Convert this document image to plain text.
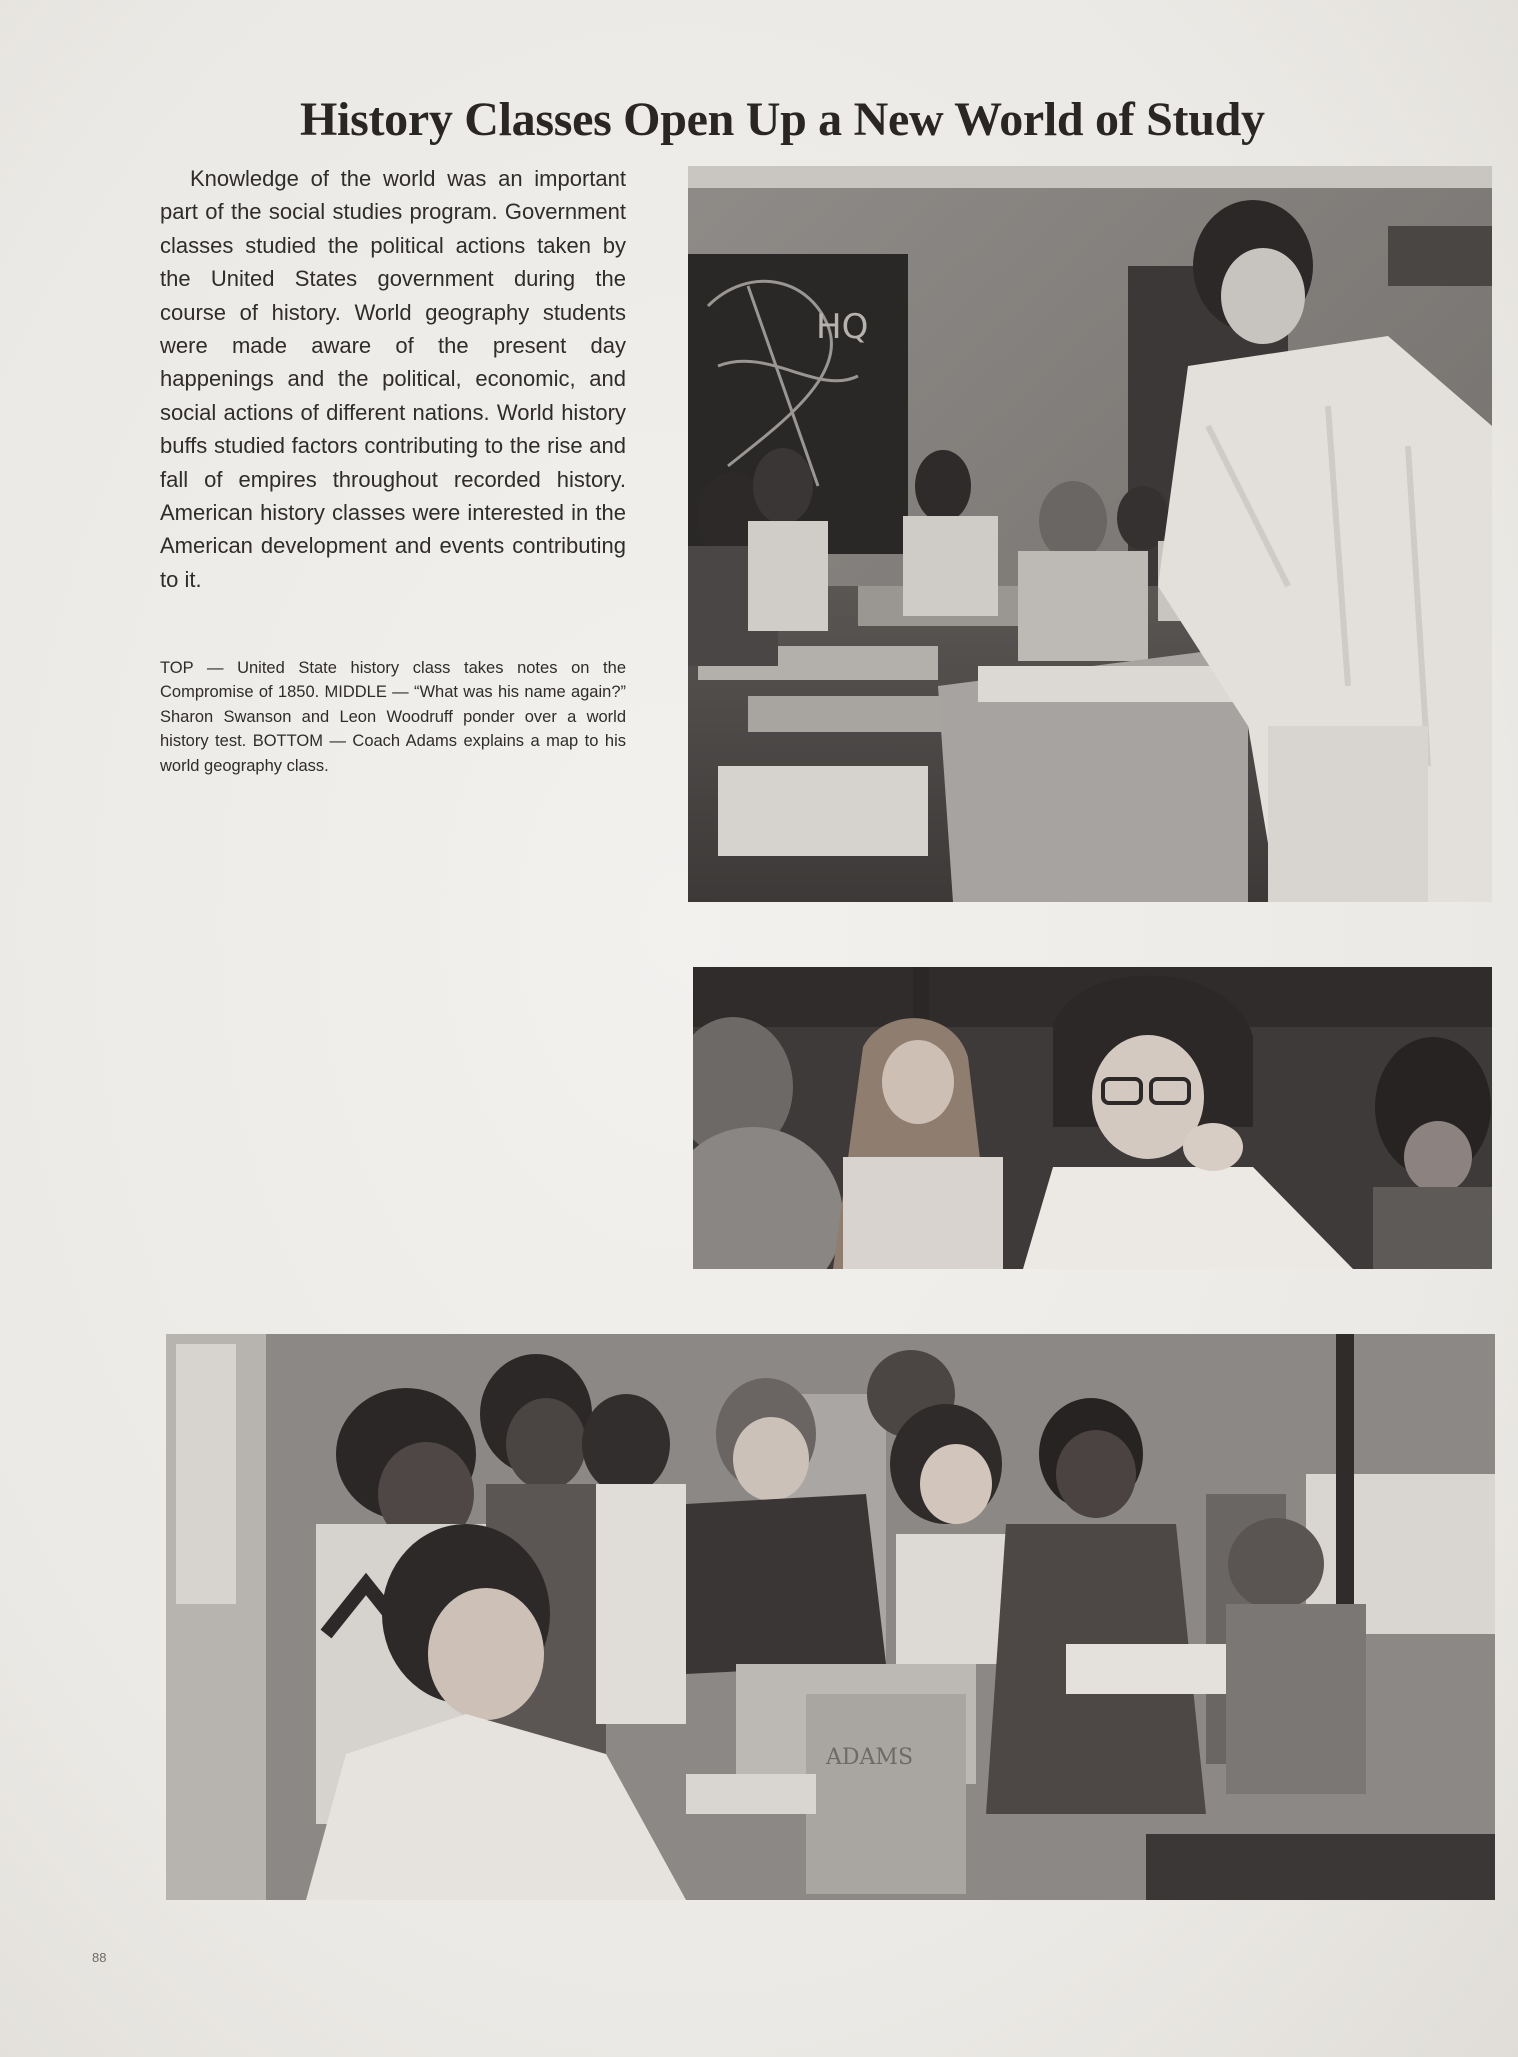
History Classes Open Up a New World of Study

Knowledge of the world was an important part of the social studies program. Government classes studied the political actions taken by the United States government during the course of history. World geography students were made aware of the present day happenings and the political, economic, and social actions of different nations. World history buffs studied factors contributing to the rise and fall of empires throughout recorded history. American history classes were interested in the American development and events contributing to it.

TOP — United State history class takes notes on the Compromise of 1850. MIDDLE — “What was his name again?” Sharon Swanson and Leon Woodruff ponder over a world history test. BOTTOM — Coach Adams explains a map to his world geography class.

HQ
ADAMS
88
